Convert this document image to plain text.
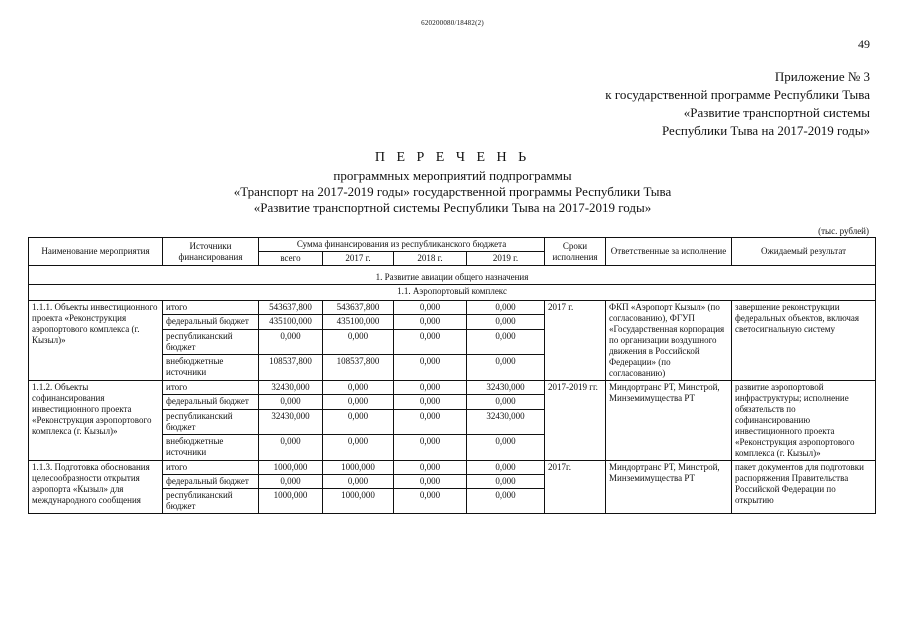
620200080/18482(2)
49
Приложение № 3
к государственной программе Республики Тыва
«Развитие транспортной системы
Республики Тыва на 2017-2019 годы»
П Е Р Е Ч Е Н Ь
программных мероприятий подпрограммы
«Транспорт на 2017-2019 годы» государственной программы Республики Тыва
«Развитие транспортной системы Республики Тыва на 2017-2019 годы»
(тыс. рублей)
Наименование мероприятия	Источники финансирования	Сумма финансирования из республиканского бюджета				Сроки исполнения	Ответственные за исполнение	Ожидаемый результат
		всего	2017 г.	2018 г.	2019 г.			
1. Развитие авиации общего назначения								
1.1. Аэропортовый комплекс								
1.1.1. Объекты инвестиционного проекта «Реконструкция аэропортового комплекса (г. Кызыл)»	итого	543637,800	543637,800	0,000	0,000	2017 г.	ФКП «Аэропорт Кызыл» (по согласованию), ФГУП «Государственная корпорация по организации воздушного движения в Российской Федерации» (по согласованию)	завершение реконструкции федеральных объектов, включая светосигнальную систему
	федеральный бюджет	435100,000	435100,000	0,000	0,000			
	республиканский бюджет	0,000	0,000	0,000	0,000			
	внебюджетные источники	108537,800	108537,800	0,000	0,000			
1.1.2. Объекты софинансирования инвестиционного проекта «Реконструкция аэропортового комплекса (г. Кызыл)»	итого	32430,000	0,000	0,000	32430,000	2017-2019 гг.	Миндортранс РТ, Минстрой, Минземимущества РТ	развитие аэропортовой инфраструктуры; исполнение обязательств по софинансированию инвестиционного проекта «Реконструкция аэропортового комплекса (г. Кызыл)»
	федеральный бюджет	0,000	0,000	0,000	0,000			
	республиканский бюджет	32430,000	0,000	0,000	32430,000			
	внебюджетные источники	0,000	0,000	0,000	0,000			
1.1.3. Подготовка обоснования целесообразности открытия аэропорта «Кызыл» для международного сообщения	итого	1000,000	1000,000	0,000	0,000	2017г.	Миндортранс РТ, Минстрой, Минземимущества РТ	пакет документов для подготовки распоряжения Правительства Российской Федерации по открытию
	федеральный бюджет	0,000	0,000	0,000	0,000			
	республиканский бюджет	1000,000	1000,000	0,000	0,000			
